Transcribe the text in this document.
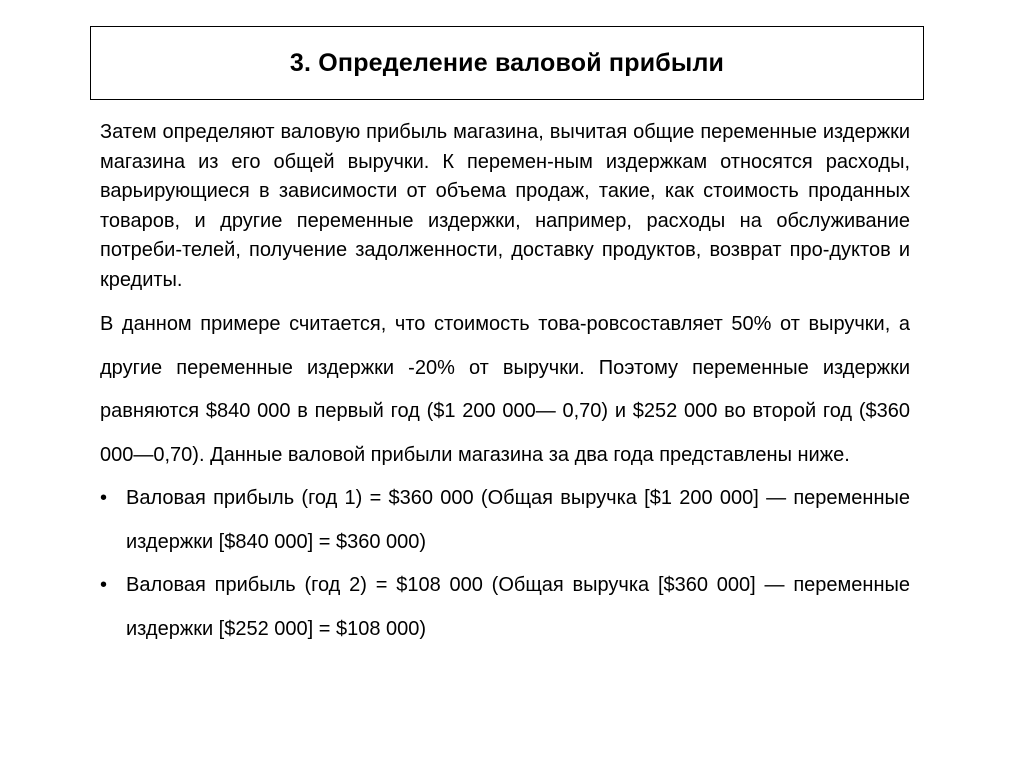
3. Определение валовой прибыли

Затем определяют валовую прибыль магазина, вычитая общие переменные издержки магазина из его общей выручки. К перемен-ным издержкам относятся расходы, варьирующиеся в зависимости от объема продаж, такие, как стоимость проданных товаров, и другие переменные издержки, например, расходы на обслуживание потреби-телей, получение задолженности, доставку продуктов, возврат про-дуктов и кредиты.

В данном примере считается, что стоимость това-ровсоставляет 50% от выручки, а другие переменные издержки -20% от выручки. Поэтому переменные издержки равняются $840 000 в первый год ($1 200 000— 0,70) и $252 000 во второй год ($360 000—0,70). Данные валовой прибыли магазина за два года представлены ниже.

• Валовая прибыль (год 1) = $360 000 (Общая выручка [$1 200 000] — переменные издержки [$840 000] = $360 000)
• Валовая прибыль (год 2) = $108 000 (Общая выручка [$360 000] — переменные издержки [$252 000] = $108 000)
